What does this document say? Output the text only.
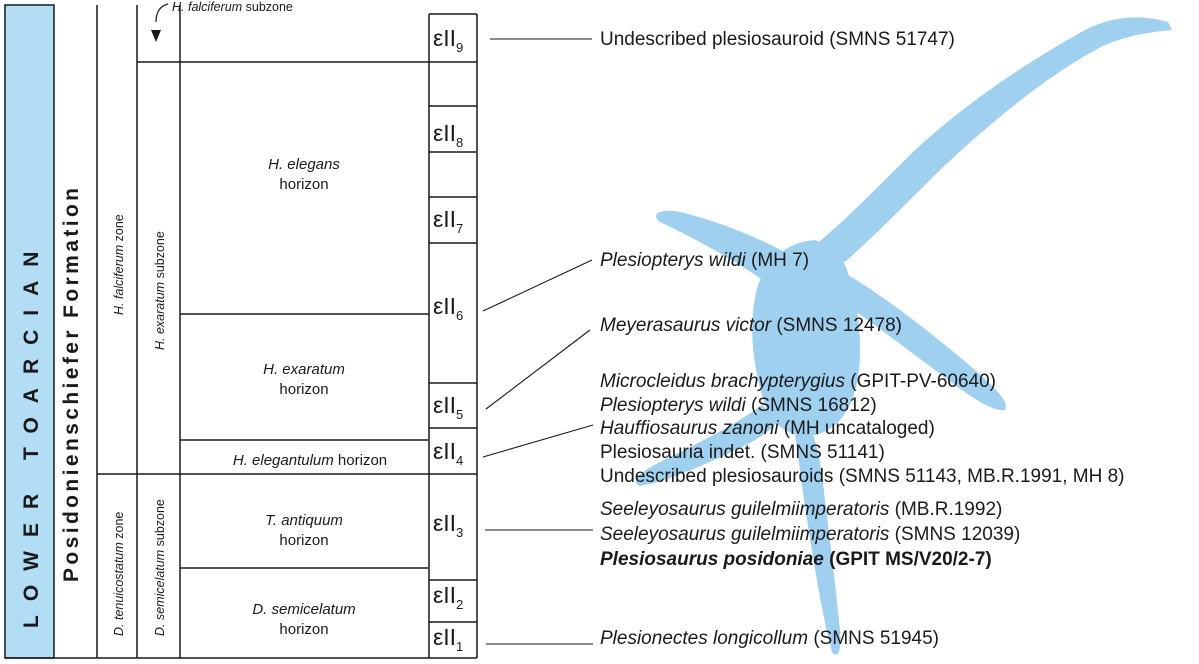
LOWER TOARCIAN Posidonienschiefer Formation
H. falciferum subzone
H. falciferum zone
D. tenuicostatum zone
H. exaratum subzone
D. semicelatum subzone
H. elegans
horizon
H. exaratum
horizon
H. elegantulum horizon
T. antiquum
horizon
D. semicelatum
horizon
εII$_9$
εII$_8$
εII$_7$
εII$_6$
εII$_5$
εII$_4$
εII$_3$
εII$_2$
εII$_1$
Undescribed plesiosauroid (SMNS 51747)
Plesiopterys wildi (MH 7)
Meyerasaurus victor (SMNS 12478)
Microcleidus brachypterygius (GPIT-PV-60640)
Plesiopterys wildi (SMNS 16812)
Hauffiosaurus zanoni (MH uncataloged)
Plesiosauria indet. (SMNS 51141)
Undescribed plesiosauroids (SMNS 51143, MB.R.1991, MH 8)
Seeleyosaurus guilelmiimperatoris (MB.R.1992)
Seeleyosaurus guilelmiimperatoris (SMNS 12039)
Plesiosaurus posidoniae (GPIT MS/V20/2-7)
Plesionectes longicollum (SMNS 51945)
